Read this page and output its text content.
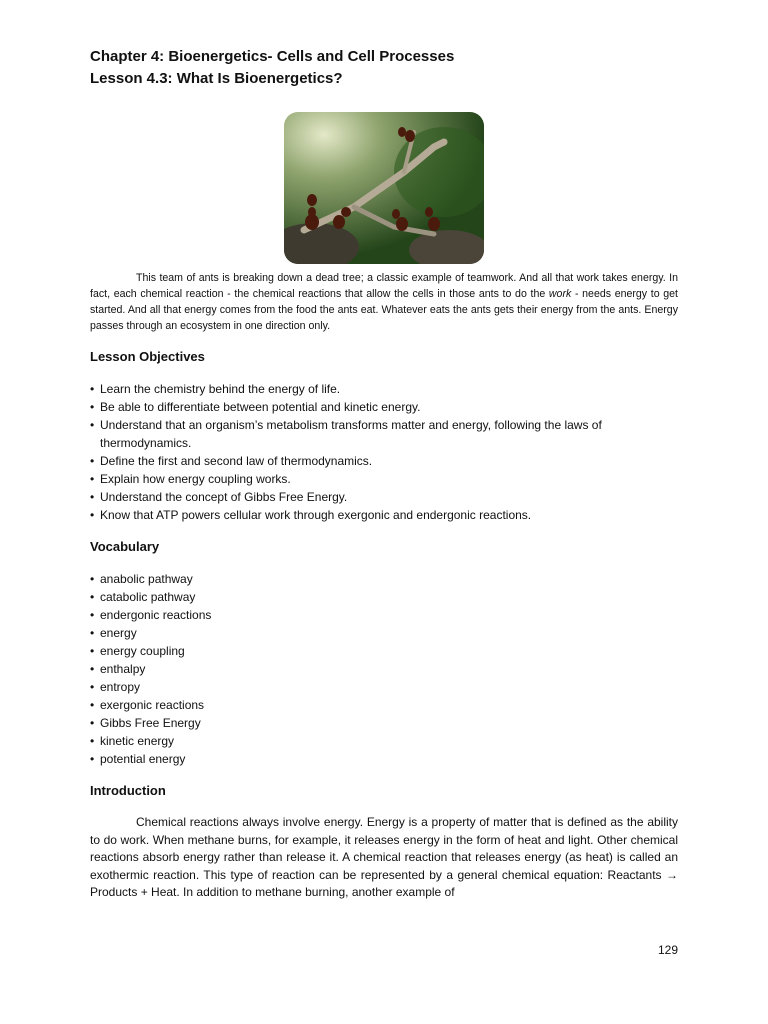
Chapter 4: Bioenergetics- Cells and Cell Processes

Lesson 4.3: What Is Bioenergetics?

This team of ants is breaking down a dead tree; a classic example of teamwork. And all that work takes energy. In fact, each chemical reaction - the chemical reactions that allow the cells in those ants to do the work - needs energy to get started. And all that energy comes from the food the ants eat. Whatever eats the ants gets their energy from the ants. Energy passes through an ecosystem in one direction only.

Lesson Objectives
• Learn the chemistry behind the energy of life.
• Be able to differentiate between potential and kinetic energy.
• Understand that an organism’s metabolism transforms matter and energy, following the laws of thermodynamics.
• Define the first and second law of thermodynamics.
• Explain how energy coupling works.
• Understand the concept of Gibbs Free Energy.
• Know that ATP powers cellular work through exergonic and endergonic reactions.
Vocabulary
• anabolic pathway
• catabolic pathway
• endergonic reactions
• energy
• energy coupling
• enthalpy
• entropy
• exergonic reactions
• Gibbs Free Energy
• kinetic energy
• potential energy
Introduction

Chemical reactions always involve energy. Energy is a property of matter that is defined as the ability to do work. When methane burns, for example, it releases energy in the form of heat and light. Other chemical reactions absorb energy rather than release it. A chemical reaction that releases energy (as heat) is called an exothermic reaction. This type of reaction can be represented by a general chemical equation: Reactants → Products + Heat. In addition to methane burning, another example of

129
